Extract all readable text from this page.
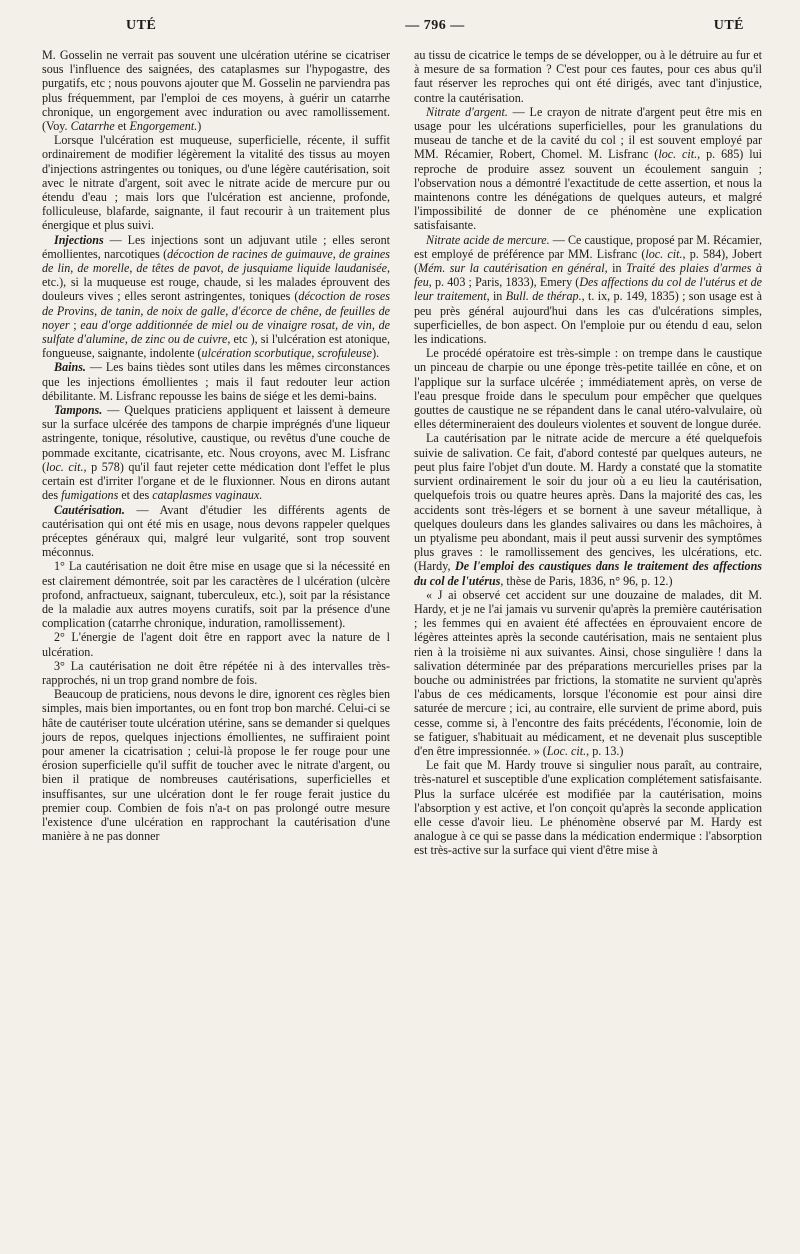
UTÉ	— 796 —	UTÉ

M. Gosselin ne verrait pas souvent une ulcération utérine se cicatriser sous l'influence des saignées, des cataplasmes sur l'hypogastre, des purgatifs, etc ; nous pouvons ajouter que M. Gosselin ne parviendra pas plus fréquemment, par l'emploi de ces moyens, à guérir un catarrhe chronique, un engorgement avec induration ou avec ramollissement. (Voy. Catarrhe et Engorgement.)

Lorsque l'ulcération est muqueuse, superficielle, récente, il suffit ordinairement de modifier légèrement la vitalité des tissus au moyen d'injections astringentes ou toniques, ou d'une légère cautérisation, soit avec le nitrate d'argent, soit avec le nitrate acide de mercure pur ou étendu d'eau ; mais lors que l'ulcération est ancienne, profonde, folliculeuse, blafarde, saignante, il faut recourir à un traitement plus énergique et plus suivi.

Injections — Les injections sont un adjuvant utile ; elles seront émollientes, narcotiques (décoction de racines de guimauve, de graines de lin, de morelle, de têtes de pavot, de jusquiame liquide laudanisée, etc.), si la muqueuse est rouge, chaude, si les malades éprouvent des douleurs vives ; elles seront astringentes, toniques (décoction de roses de Provins, de tanin, de noix de galle, d'écorce de chêne, de feuilles de noyer ; eau d'orge additionnée de miel ou de vinaigre rosat, de vin, de sulfate d'alumine, de zinc ou de cuivre, etc ), si l'ulcération est atonique, fongueuse, saignante, indolente (ulcération scorbutique, scrofuleuse).

Bains. — Les bains tièdes sont utiles dans les mêmes circonstances que les injections émollientes ; mais il faut redouter leur action débilitante. M. Lisfranc repousse les bains de siége et les demi-bains.

Tampons. — Quelques praticiens appliquent et laissent à demeure sur la surface ulcérée des tampons de charpie imprégnés d'une liqueur astringente, tonique, résolutive, caustique, ou revêtus d'une couche de pommade excitante, cicatrisante, etc. Nous croyons, avec M. Lisfranc (loc. cit., p 578) qu'il faut rejeter cette médication dont l'effet le plus certain est d'irriter l'organe et de le fluxionner. Nous en dirons autant des fumigations et des cataplasmes vaginaux.

Cautérisation. — Avant d'étudier les différents agents de cautérisation qui ont été mis en usage, nous devons rappeler quelques préceptes généraux qui, malgré leur vulgarité, sont trop souvent méconnus.

1° La cautérisation ne doit être mise en usage que si la nécessité en est clairement démontrée, soit par les caractères de l ulcération (ulcère profond, anfractueux, saignant, tuberculeux, etc.), soit par la résistance de la maladie aux autres moyens curatifs, soit par la présence d'une complication (catarrhe chronique, induration, ramollissement).

2° L'énergie de l'agent doit être en rapport avec la nature de l ulcération.

3° La cautérisation ne doit être répétée ni à des intervalles très-rapprochés, ni un trop grand nombre de fois.

Beaucoup de praticiens, nous devons le dire, ignorent ces règles bien simples, mais bien importantes, ou en font trop bon marché. Celui-ci se hâte de cautériser toute ulcération utérine, sans se demander si quelques jours de repos, quelques injections émollientes, ne suffiraient point pour amener la cicatrisation ; celui-là propose le fer rouge pour une érosion superficielle qu'il suffit de toucher avec le nitrate d'argent, ou bien il pratique de nombreuses cautérisations, superficielles et insuffisantes, sur une ulcération dont le fer rouge ferait justice du premier coup. Combien de fois n'a-t on pas prolongé outre mesure l'existence d'une ulcération en rapprochant la cautérisation d'une manière à ne pas donner

au tissu de cicatrice le temps de se développer, ou à le détruire au fur et à mesure de sa formation ? C'est pour ces fautes, pour ces abus qu'il faut réserver les reproches qui ont été dirigés, avec tant d'injustice, contre la cautérisation.

Nitrate d'argent. — Le crayon de nitrate d'argent peut être mis en usage pour les ulcérations superficielles, pour les granulations du museau de tanche et de la cavité du col ; il est souvent employé par MM. Récamier, Robert, Chomel. M. Lisfranc (loc. cit., p. 685) lui reproche de produire assez souvent un écoulement sanguin ; l'observation nous a démontré l'exactitude de cette assertion, et nous la maintenons contre les dénégations de quelques auteurs, et malgré l'impossibilité de donner de ce phénomène une explication satisfaisante.

Nitrate acide de mercure. — Ce caustique, proposé par M. Récamier, est employé de préférence par MM. Lisfranc (loc. cit., p. 584), Jobert (Mém. sur la cautérisation en général, in Traité des plaies d'armes à feu, p. 403 ; Paris, 1833), Emery (Des affections du col de l'utérus et de leur traitement, in Bull. de thérap., t. ix, p. 149, 1835) ; son usage est à peu près général aujourd'hui dans les cas d'ulcérations simples, superficielles, de bon aspect. On l'emploie pur ou étendu d eau, selon les indications.

Le procédé opératoire est très-simple : on trempe dans le caustique un pinceau de charpie ou une éponge très-petite taillée en cône, et on l'applique sur la surface ulcérée ; immédiatement après, on verse de l'eau presque froide dans le speculum pour empêcher que quelques gouttes de caustique ne se répandent dans le canal utéro-valvulaire, où elles détermineraient des douleurs violentes et souvent de longue durée.

La cautérisation par le nitrate acide de mercure a été quelquefois suivie de salivation. Ce fait, d'abord contesté par quelques auteurs, ne peut plus faire l'objet d'un doute. M. Hardy a constaté que la stomatite survient ordinairement le soir du jour où a eu lieu la cautérisation, quelquefois trois ou quatre heures après. Dans la majorité des cas, les accidents sont très-légers et se bornent à une saveur métallique, à quelques douleurs dans les glandes salivaires ou dans les mâchoires, à un ptyalisme peu abondant, mais il peut aussi survenir des symptômes plus graves : le ramollissement des gencives, les ulcérations, etc. (Hardy, De l'emploi des caustiques dans le traitement des affections du col de l'utérus, thèse de Paris, 1836, n° 96, p. 12.)

« J ai observé cet accident sur une douzaine de malades, dit M. Hardy, et je ne l'ai jamais vu survenir qu'après la première cautérisation ; les femmes qui en avaient été affectées en éprouvaient encore de légères atteintes après la seconde cautérisation, mais ne sentaient plus rien à la troisième ni aux suivantes. Ainsi, chose singulière ! dans la salivation déterminée par des préparations mercurielles prises par la bouche ou administrées par frictions, la stomatite ne survient qu'après l'abus de ces médicaments, lorsque l'économie est pour ainsi dire saturée de mercure ; ici, au contraire, elle survient de prime abord, puis cesse, comme si, à l'encontre des faits précédents, l'économie, loin de se fatiguer, s'habituait au médicament, et ne devenait plus susceptible d'en être impressionnée. » (Loc. cit., p. 13.)

Le fait que M. Hardy trouve si singulier nous paraît, au contraire, très-naturel et susceptible d'une explication complétement satisfaisante. Plus la surface ulcérée est modifiée par la cautérisation, moins l'absorption y est active, et l'on conçoit qu'après la seconde application elle cesse d'avoir lieu. Le phénomène observé par M. Hardy est analogue à ce qui se passe dans la médication endermique : l'absorption est très-active sur la surface qui vient d'être mise à
